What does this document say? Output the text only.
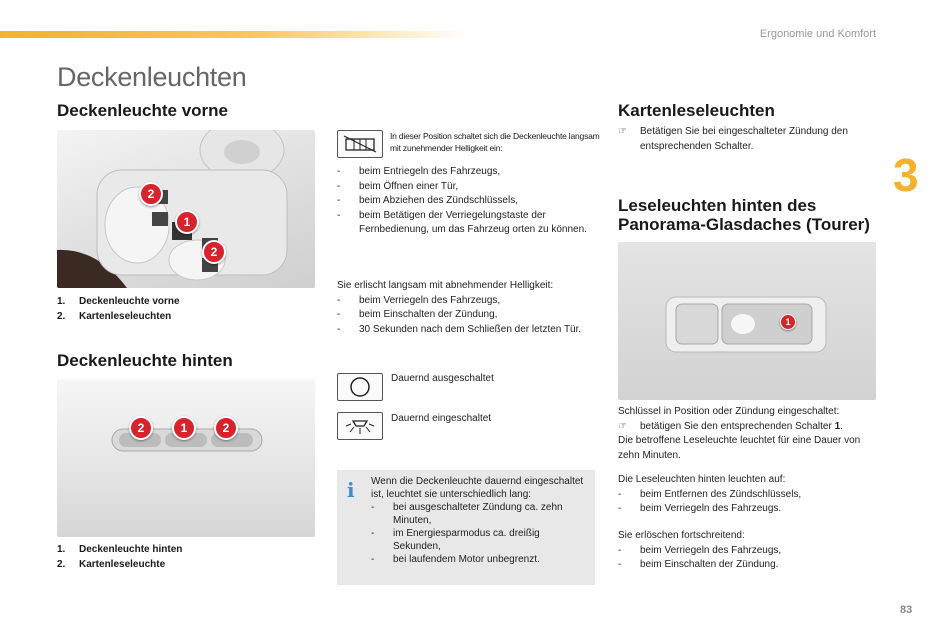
Ergonomie und Komfort
Deckenleuchten
3
Deckenleuchte vorne
2
1
2
1. Deckenleuchte vorne
2. Kartenleseleuchten
Deckenleuchte hinten
2	1	2
1. Deckenleuchte hinten
2. Kartenleseleuchte
In dieser Position schaltet sich die Deckenleuchte langsam mit zunehmender Helligkeit ein:
- beim Entriegeln des Fahrzeugs,
- beim Öffnen einer Tür,
- beim Abziehen des Zündschlüssels,
- beim Betätigen der Verriegelungstaste der Fernbedienung, um das Fahrzeug orten zu können.
Sie erlischt langsam mit abnehmender Helligkeit:
- beim Verriegeln des Fahrzeugs,
- beim Einschalten der Zündung,
- 30 Sekunden nach dem Schließen der letzten Tür.
Dauernd ausgeschaltet
Dauernd eingeschaltet
i Wenn die Deckenleuchte dauernd eingeschaltet ist, leuchtet sie unterschiedlich lang:
- bei ausgeschalteter Zündung ca. zehn Minuten,
- im Energiesparmodus ca. dreißig Sekunden,
- bei laufendem Motor unbegrenzt.
Kartenleseleuchten
☞ Betätigen Sie bei eingeschalteter Zündung den entsprechenden Schalter.
Leseleuchten hinten des Panorama-Glasdaches (Tourer)
1
Schlüssel in Position oder Zündung eingeschaltet:
☞ betätigen Sie den entsprechenden Schalter 1.
Die betroffene Leseleuchte leuchtet für eine Dauer von zehn Minuten.
Die Leseleuchten hinten leuchten auf:
- beim Entfernen des Zündschlüssels,
- beim Verriegeln des Fahrzeugs.
Sie erlöschen fortschreitend:
- beim Verriegeln des Fahrzeugs,
- beim Einschalten der Zündung.
83
